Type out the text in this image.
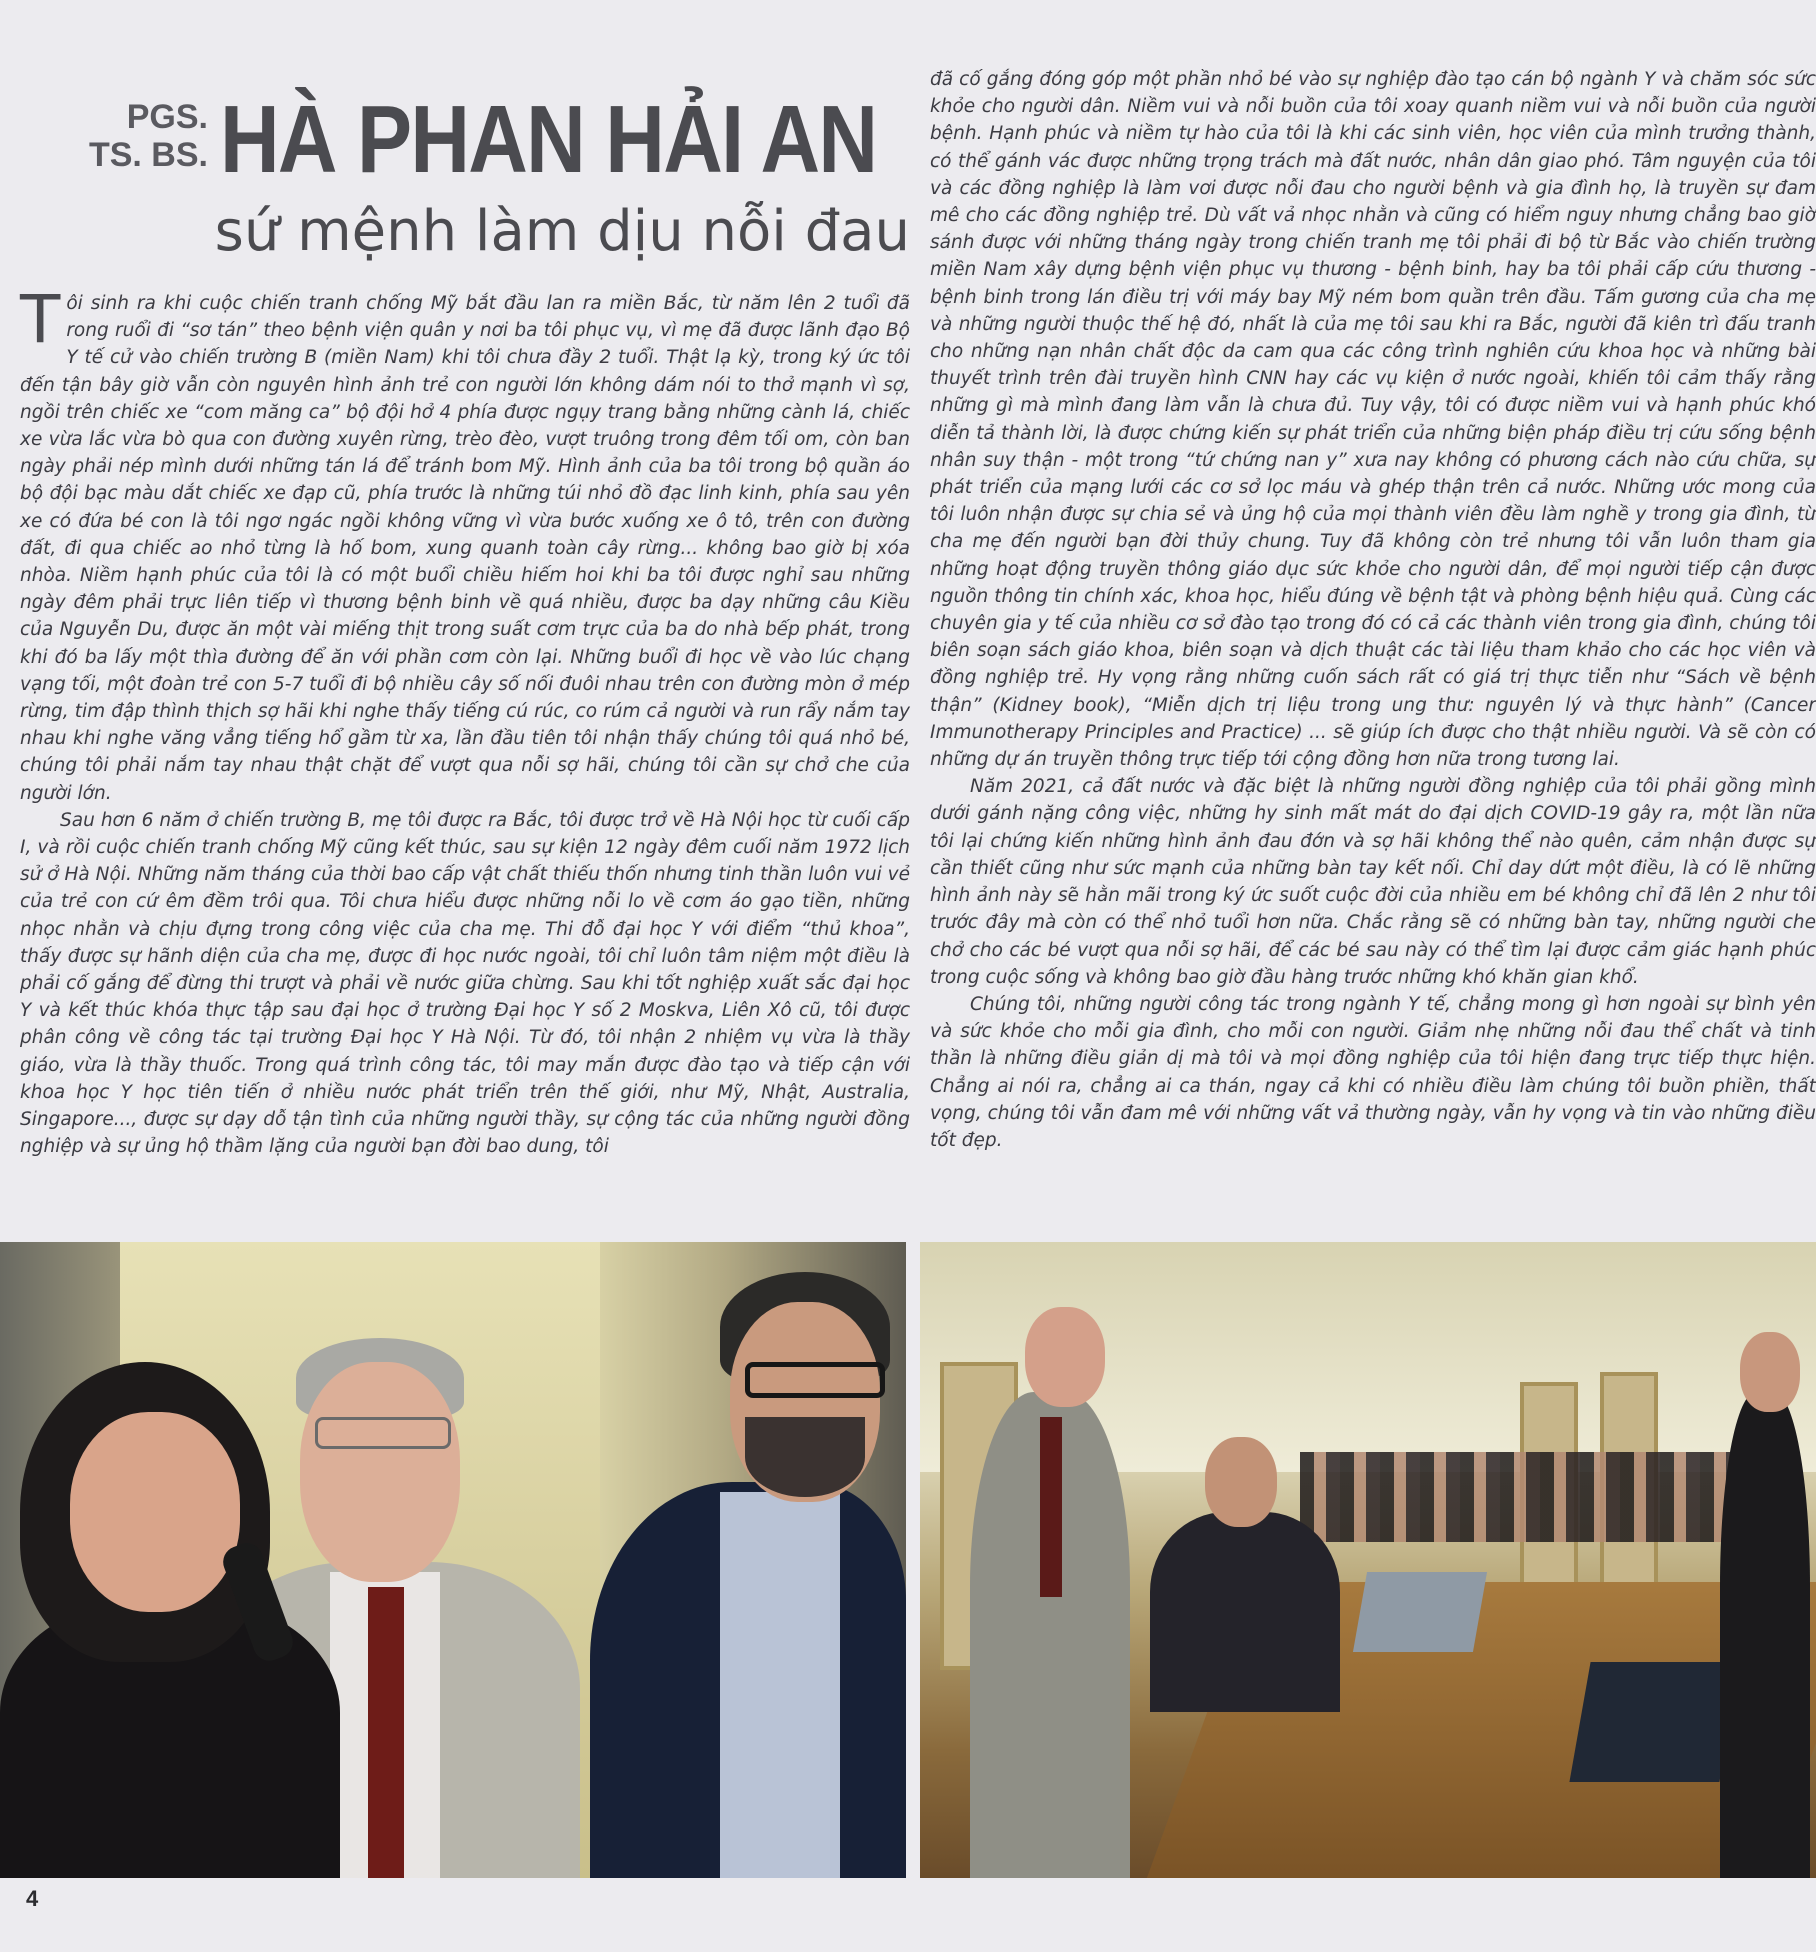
PGS.
TS. BS. HÀ PHAN HẢI AN
sứ mệnh làm dịu nỗi đau

Tôi sinh ra khi cuộc chiến tranh chống Mỹ bắt đầu lan ra miền Bắc, từ năm lên 2 tuổi đã rong ruổi đi “sơ tán” theo bệnh viện quân y nơi ba tôi phục vụ, vì mẹ đã được lãnh đạo Bộ Y tế cử vào chiến trường B (miền Nam) khi tôi chưa đầy 2 tuổi. Thật lạ kỳ, trong ký ức tôi đến tận bây giờ vẫn còn nguyên hình ảnh trẻ con người lớn không dám nói to thở mạnh vì sợ, ngồi trên chiếc xe “com măng ca” bộ đội hở 4 phía được ngụy trang bằng những cành lá, chiếc xe vừa lắc vừa bò qua con đường xuyên rừng, trèo đèo, vượt truông trong đêm tối om, còn ban ngày phải nép mình dưới những tán lá để tránh bom Mỹ. Hình ảnh của ba tôi trong bộ quần áo bộ đội bạc màu dắt chiếc xe đạp cũ, phía trước là những túi nhỏ đồ đạc linh kinh, phía sau yên xe có đứa bé con là tôi ngơ ngác ngồi không vững vì vừa bước xuống xe ô tô, trên con đường đất, đi qua chiếc ao nhỏ từng là hố bom, xung quanh toàn cây rừng... không bao giờ bị xóa nhòa. Niềm hạnh phúc của tôi là có một buổi chiều hiếm hoi khi ba tôi được nghỉ sau những ngày đêm phải trực liên tiếp vì thương bệnh binh về quá nhiều, được ba dạy những câu Kiều của Nguyễn Du, được ăn một vài miếng thịt trong suất cơm trực của ba do nhà bếp phát, trong khi đó ba lấy một thìa đường để ăn với phần cơm còn lại. Những buổi đi học về vào lúc chạng vạng tối, một đoàn trẻ con 5-7 tuổi đi bộ nhiều cây số nối đuôi nhau trên con đường mòn ở mép rừng, tim đập thình thịch sợ hãi khi nghe thấy tiếng cú rúc, co rúm cả người và run rẩy nắm tay nhau khi nghe văng vẳng tiếng hổ gầm từ xa, lần đầu tiên tôi nhận thấy chúng tôi quá nhỏ bé, chúng tôi phải nắm tay nhau thật chặt để vượt qua nỗi sợ hãi, chúng tôi cần sự chở che của người lớn.

Sau hơn 6 năm ở chiến trường B, mẹ tôi được ra Bắc, tôi được trở về Hà Nội học từ cuối cấp I, và rồi cuộc chiến tranh chống Mỹ cũng kết thúc, sau sự kiện 12 ngày đêm cuối năm 1972 lịch sử ở Hà Nội. Những năm tháng của thời bao cấp vật chất thiếu thốn nhưng tinh thần luôn vui vẻ của trẻ con cứ êm đềm trôi qua. Tôi chưa hiểu được những nỗi lo về cơm áo gạo tiền, những nhọc nhằn và chịu đựng trong công việc của cha mẹ. Thi đỗ đại học Y với điểm “thủ khoa”, thấy được sự hãnh diện của cha mẹ, được đi học nước ngoài, tôi chỉ luôn tâm niệm một điều là phải cố gắng để đừng thi trượt và phải về nước giữa chừng. Sau khi tốt nghiệp xuất sắc đại học Y và kết thúc khóa thực tập sau đại học ở trường Đại học Y số 2 Moskva, Liên Xô cũ, tôi được phân công về công tác tại trường Đại học Y Hà Nội. Từ đó, tôi nhận 2 nhiệm vụ vừa là thầy giáo, vừa là thầy thuốc. Trong quá trình công tác, tôi may mắn được đào tạo và tiếp cận với khoa học Y học tiên tiến ở nhiều nước phát triển trên thế giới, như Mỹ, Nhật, Australia, Singapore..., được sự dạy dỗ tận tình của những người thầy, sự cộng tác của những người đồng nghiệp và sự ủng hộ thầm lặng của người bạn đời bao dung, tôi

đã cố gắng đóng góp một phần nhỏ bé vào sự nghiệp đào tạo cán bộ ngành Y và chăm sóc sức khỏe cho người dân. Niềm vui và nỗi buồn của tôi xoay quanh niềm vui và nỗi buồn của người bệnh. Hạnh phúc và niềm tự hào của tôi là khi các sinh viên, học viên của mình trưởng thành, có thể gánh vác được những trọng trách mà đất nước, nhân dân giao phó. Tâm nguyện của tôi và các đồng nghiệp là làm vơi được nỗi đau cho người bệnh và gia đình họ, là truyền sự đam mê cho các đồng nghiệp trẻ. Dù vất vả nhọc nhằn và cũng có hiểm nguy nhưng chẳng bao giờ sánh được với những tháng ngày trong chiến tranh mẹ tôi phải đi bộ từ Bắc vào chiến trường miền Nam xây dựng bệnh viện phục vụ thương - bệnh binh, hay ba tôi phải cấp cứu thương - bệnh binh trong lán điều trị với máy bay Mỹ ném bom quần trên đầu. Tấm gương của cha mẹ và những người thuộc thế hệ đó, nhất là của mẹ tôi sau khi ra Bắc, người đã kiên trì đấu tranh cho những nạn nhân chất độc da cam qua các công trình nghiên cứu khoa học và những bài thuyết trình trên đài truyền hình CNN hay các vụ kiện ở nước ngoài, khiến tôi cảm thấy rằng những gì mà mình đang làm vẫn là chưa đủ. Tuy vậy, tôi có được niềm vui và hạnh phúc khó diễn tả thành lời, là được chứng kiến sự phát triển của những biện pháp điều trị cứu sống bệnh nhân suy thận - một trong “tứ chứng nan y” xưa nay không có phương cách nào cứu chữa, sự phát triển của mạng lưới các cơ sở lọc máu và ghép thận trên cả nước. Những ước mong của tôi luôn nhận được sự chia sẻ và ủng hộ của mọi thành viên đều làm nghề y trong gia đình, từ cha mẹ đến người bạn đời thủy chung. Tuy đã không còn trẻ nhưng tôi vẫn luôn tham gia những hoạt động truyền thông giáo dục sức khỏe cho người dân, để mọi người tiếp cận được nguồn thông tin chính xác, khoa học, hiểu đúng về bệnh tật và phòng bệnh hiệu quả. Cùng các chuyên gia y tế của nhiều cơ sở đào tạo trong đó có cả các thành viên trong gia đình, chúng tôi biên soạn sách giáo khoa, biên soạn và dịch thuật các tài liệu tham khảo cho các học viên và đồng nghiệp trẻ. Hy vọng rằng những cuốn sách rất có giá trị thực tiễn như “Sách về bệnh thận” (Kidney book), “Miễn dịch trị liệu trong ung thư: nguyên lý và thực hành” (Cancer Immunotherapy Principles and Practice) ... sẽ giúp ích được cho thật nhiều người. Và sẽ còn có những dự án truyền thông trực tiếp tới cộng đồng hơn nữa trong tương lai.

Năm 2021, cả đất nước và đặc biệt là những người đồng nghiệp của tôi phải gồng mình dưới gánh nặng công việc, những hy sinh mất mát do đại dịch COVID-19 gây ra, một lần nữa tôi lại chứng kiến những hình ảnh đau đớn và sợ hãi không thể nào quên, cảm nhận được sự cần thiết cũng như sức mạnh của những bàn tay kết nối. Chỉ day dứt một điều, là có lẽ những hình ảnh này sẽ hằn mãi trong ký ức suốt cuộc đời của nhiều em bé không chỉ đã lên 2 như tôi trước đây mà còn có thể nhỏ tuổi hơn nữa. Chắc rằng sẽ có những bàn tay, những người che chở cho các bé vượt qua nỗi sợ hãi, để các bé sau này có thể tìm lại được cảm giác hạnh phúc trong cuộc sống và không bao giờ đầu hàng trước những khó khăn gian khổ.

Chúng tôi, những người công tác trong ngành Y tế, chẳng mong gì hơn ngoài sự bình yên và sức khỏe cho mỗi gia đình, cho mỗi con người. Giảm nhẹ những nỗi đau thể chất và tinh thần là những điều giản dị mà tôi và mọi đồng nghiệp của tôi hiện đang trực tiếp thực hiện. Chẳng ai nói ra, chẳng ai ca thán, ngay cả khi có nhiều điều làm chúng tôi buồn phiền, thất vọng, chúng tôi vẫn đam mê với những vất vả thường ngày, vẫn hy vọng và tin vào những điều tốt đẹp.

4
